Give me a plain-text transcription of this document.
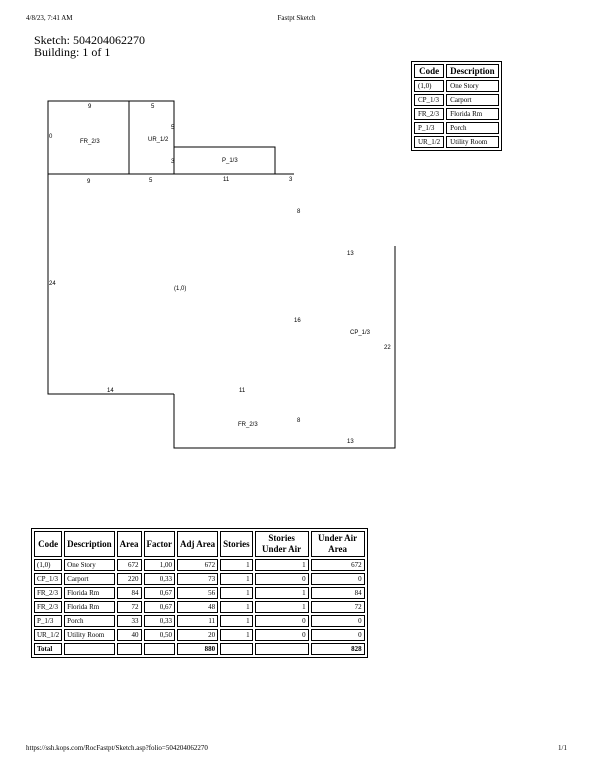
4/8/23, 7:41 AM	Fastpt Sketch
Sketch: 504204062270
Building: 1 of 1
Code	Description
(1,0)	One Story
CP_1/3	Carport
FR_2/3	Florida Rm
P_1/3	Porch
UR_1/2	Utility Room
FR_2/3	UR_1/2
P_1/3
(1,0)
CP_1/3
FR_2/3
9	5
0
5
3
9	5	11	3
8
13
24
16
22
14	11
8
13
Code	Description	Area	Factor	Adj Area	Stories	Stories Under Air	Under Air Area
(1,0)	One Story	672	1,00	672	1	1	672
CP_1/3	Carport	220	0,33	73	1	0	0
FR_2/3	Florida Rm	84	0,67	56	1	1	84
FR_2/3	Florida Rm	72	0,67	48	1	1	72
P_1/3	Porch	33	0,33	11	1	0	0
UR_1/2	Utility Room	40	0,50	20	1	0	0
Total				880			828
https://ssh.kops.com/RocFastpt/Sketch.asp?folio=504204062270	1/1
